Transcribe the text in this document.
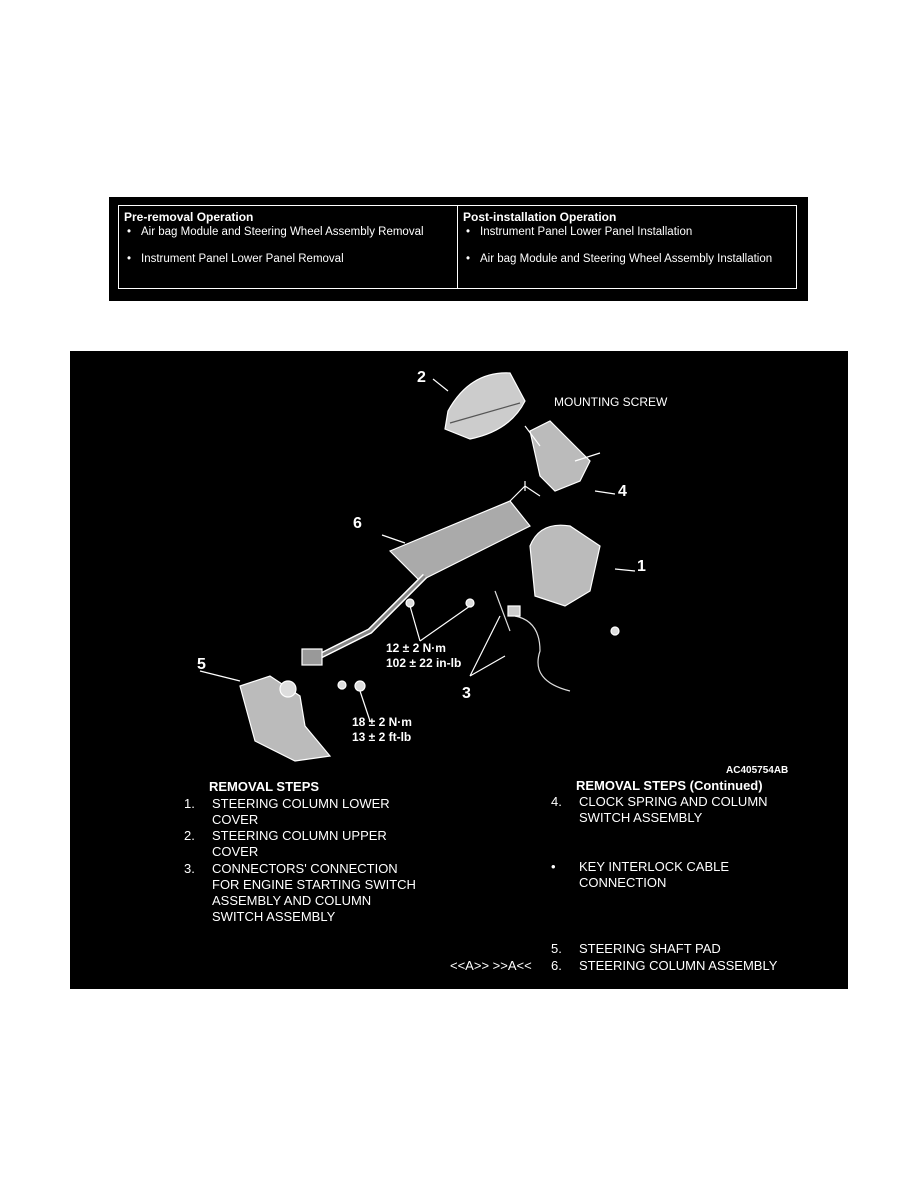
Pre-removal Operation
• Air bag Module and Steering Wheel Assembly Removal
• Instrument Panel Lower Panel Removal
Post-installation Operation
• Instrument Panel Lower Panel Installation
• Air bag Module and Steering Wheel Assembly Installation
2
MOUNTING SCREW
4
6
1
12 ± 2 N·m
102 ± 22 in-lb
5
3
18 ± 2 N·m
13 ± 2 ft-lb
AC405754AB
REMOVAL STEPS
1.	STEERING COLUMN LOWER COVER
2.	STEERING COLUMN UPPER COVER
3.	CONNECTORS' CONNECTION FOR ENGINE STARTING SWITCH ASSEMBLY AND COLUMN SWITCH ASSEMBLY
REMOVAL STEPS (Continued)
4.	CLOCK SPRING AND COLUMN SWITCH ASSEMBLY
•	KEY INTERLOCK CABLE CONNECTION
5.	STEERING SHAFT PAD
<<A>> >>A<< 6.	STEERING COLUMN ASSEMBLY
